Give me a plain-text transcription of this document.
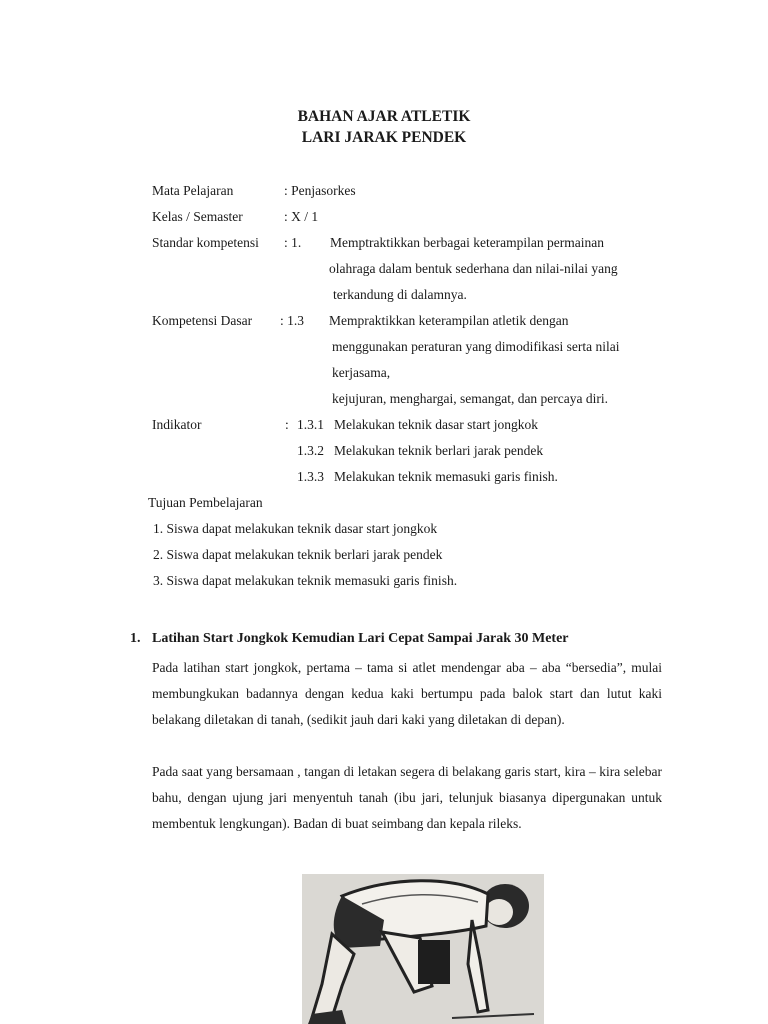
BAHAN AJAR ATLETIK
LARI JARAK PENDEK
Mata Pelajaran	: Penjasorkes
Kelas / Semaster	: X / 1
Standar kompetensi : 1. Memptraktikkan berbagai keterampilan permainan
olahraga dalam bentuk sederhana dan nilai-nilai yang
terkandung di dalamnya.
Kompetensi Dasar : 1.3 Mempraktikkan keterampilan atletik dengan
menggunakan peraturan yang dimodifikasi serta nilai
kerjasama,
kejujuran, menghargai, semangat, dan percaya diri.
Indikator	: 1.3.1 Melakukan teknik dasar start jongkok
1.3.2 Melakukan teknik berlari jarak pendek
1.3.3 Melakukan teknik memasuki garis finish.
Tujuan Pembelajaran
1. Siswa dapat melakukan teknik dasar start jongkok
2. Siswa dapat melakukan teknik berlari jarak pendek
3. Siswa dapat melakukan teknik memasuki garis finish.
1. Latihan Start Jongkok Kemudian Lari Cepat Sampai Jarak 30 Meter
Pada latihan start jongkok, pertama – tama si atlet mendengar aba – aba “bersedia”, mulai membungkukan badannya dengan kedua kaki bertumpu pada balok start dan lutut kaki belakang diletakan di tanah, (sedikit jauh dari kaki yang diletakan di depan).
Pada saat yang bersamaan , tangan di letakan segera di belakang garis start, kira – kira selebar bahu, dengan ujung jari menyentuh tanah (ibu jari, telunjuk biasanya dipergunakan untuk membentuk lengkungan). Badan di buat seimbang dan kepala rileks.
